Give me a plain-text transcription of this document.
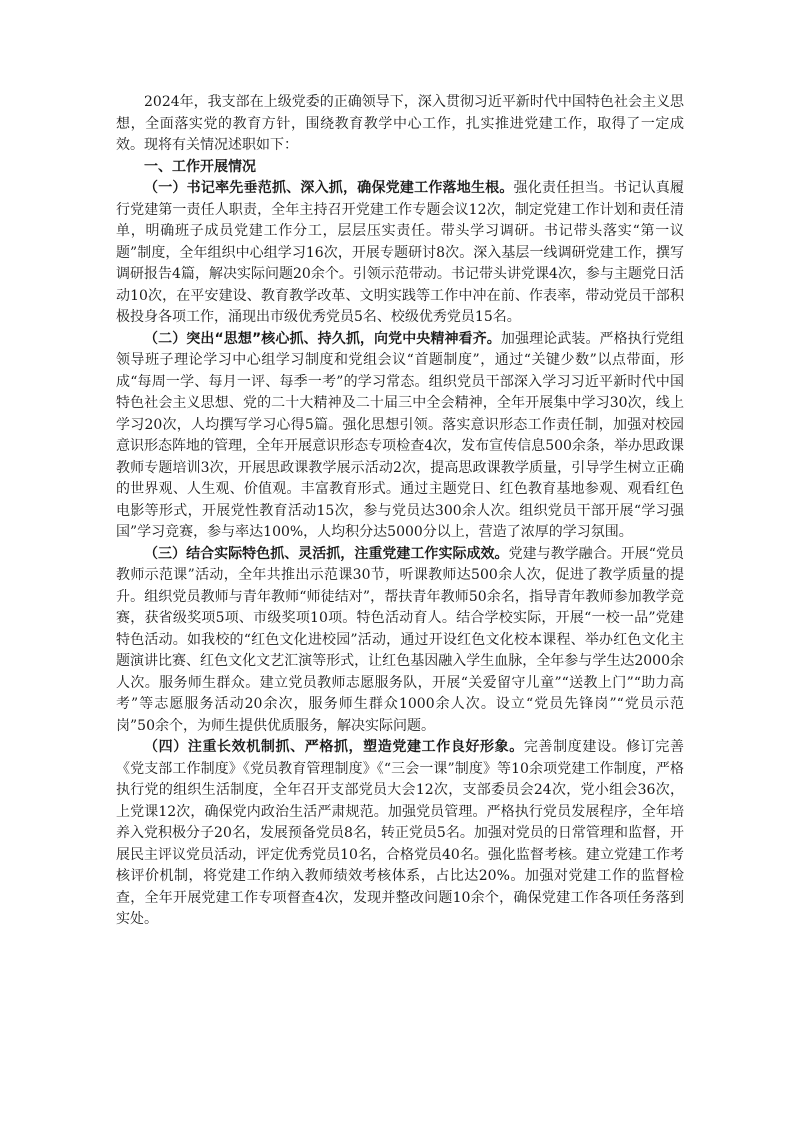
2024年，我支部在上级党委的正确领导下，深入贯彻习近平新时代中国特色社会主义思想，全面落实党的教育方针，围绕教育教学中心工作，扎实推进党建工作，取得了一定成效。现将有关情况述职如下：

一、工作开展情况

（一）书记率先垂范抓、深入抓，确保党建工作落地生根。强化责任担当。书记认真履行党建第一责任人职责，全年主持召开党建工作专题会议12次，制定党建工作计划和责任清单，明确班子成员党建工作分工，层层压实责任。带头学习调研。书记带头落实“第一议题”制度，全年组织中心组学习16次，开展专题研讨8次。深入基层一线调研党建工作，撰写调研报告4篇，解决实际问题20余个。引领示范带动。书记带头讲党课4次，参与主题党日活动10次，在平安建设、教育教学改革、文明实践等工作中冲在前、作表率，带动党员干部积极投身各项工作，涌现出市级优秀党员5名、校级优秀党员15名。

（二）突出“思想”核心抓、持久抓，向党中央精神看齐。加强理论武装。严格执行党组领导班子理论学习中心组学习制度和党组会议“首题制度”，通过“关键少数”以点带面，形成“每周一学、每月一评、每季一考”的学习常态。组织党员干部深入学习习近平新时代中国特色社会主义思想、党的二十大精神及二十届三中全会精神，全年开展集中学习30次，线上学习20次，人均撰写学习心得5篇。强化思想引领。落实意识形态工作责任制，加强对校园意识形态阵地的管理，全年开展意识形态专项检查4次，发布宣传信息500余条，举办思政课教师专题培训3次，开展思政课教学展示活动2次，提高思政课教学质量，引导学生树立正确的世界观、人生观、价值观。丰富教育形式。通过主题党日、红色教育基地参观、观看红色电影等形式，开展党性教育活动15次，参与党员达300余人次。组织党员干部开展“学习强国”学习竞赛，参与率达100%，人均积分达5000分以上，营造了浓厚的学习氛围。

（三）结合实际特色抓、灵活抓，注重党建工作实际成效。党建与教学融合。开展“党员教师示范课”活动，全年共推出示范课30节，听课教师达500余人次，促进了教学质量的提升。组织党员教师与青年教师“师徒结对”，帮扶青年教师50余名，指导青年教师参加教学竞赛，获省级奖项5项、市级奖项10项。特色活动育人。结合学校实际，开展“一校一品”党建特色活动。如我校的“红色文化进校园”活动，通过开设红色文化校本课程、举办红色文化主题演讲比赛、红色文化文艺汇演等形式，让红色基因融入学生血脉，全年参与学生达2000余人次。服务师生群众。建立党员教师志愿服务队，开展“关爱留守儿童”“送教上门”“助力高考”等志愿服务活动20余次，服务师生群众1000余人次。设立“党员先锋岗”“党员示范岗”50余个，为师生提供优质服务，解决实际问题。

（四）注重长效机制抓、严格抓，塑造党建工作良好形象。完善制度建设。修订完善《党支部工作制度》《党员教育管理制度》《“三会一课”制度》等10余项党建工作制度，严格执行党的组织生活制度，全年召开支部党员大会12次，支部委员会24次，党小组会36次，上党课12次，确保党内政治生活严肃规范。加强党员管理。严格执行党员发展程序，全年培养入党积极分子20名，发展预备党员8名，转正党员5名。加强对党员的日常管理和监督，开展民主评议党员活动，评定优秀党员10名，合格党员40名。强化监督考核。建立党建工作考核评价机制，将党建工作纳入教师绩效考核体系，占比达20%。加强对党建工作的监督检查，全年开展党建工作专项督查4次，发现并整改问题10余个，确保党建工作各项任务落到实处。
